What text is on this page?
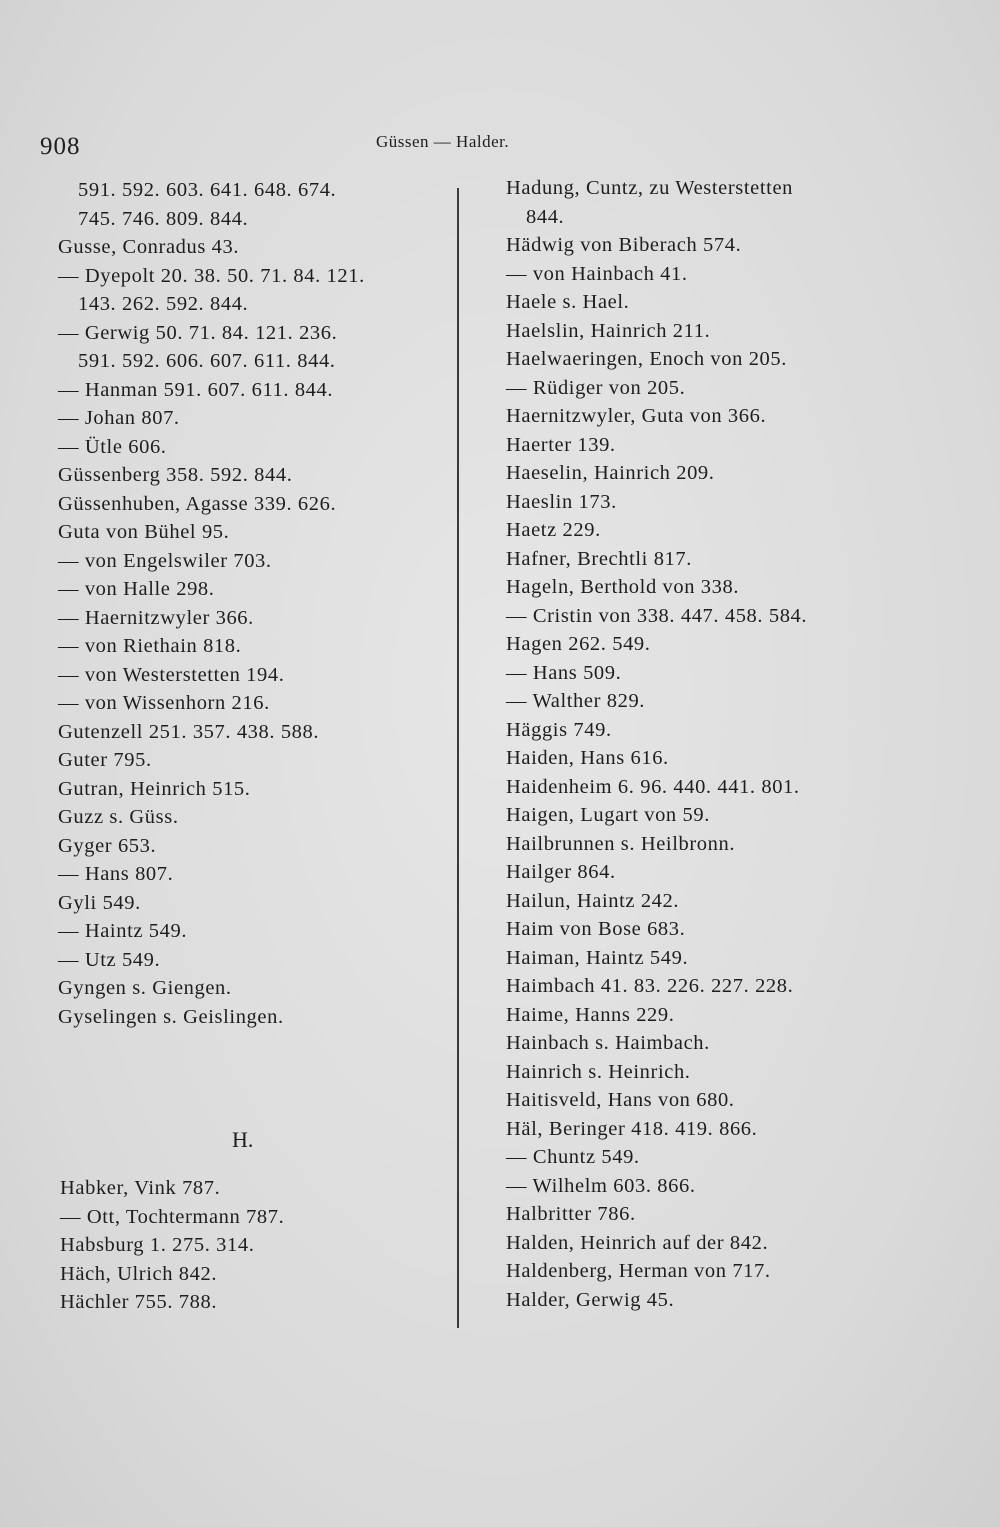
908	Güssen — Halder.
591. 592. 603. 641. 648. 674.
745. 746. 809. 844.
Gusse, Conradus 43.
— Dyepolt 20. 38. 50. 71. 84. 121.
143. 262. 592. 844.
— Gerwig 50. 71. 84. 121. 236.
591. 592. 606. 607. 611. 844.
— Hanman 591. 607. 611. 844.
— Johan 807.
— Ütle 606.
Güssenberg 358. 592. 844.
Güssenhuben, Agasse 339. 626.
Guta von Bühel 95.
— von Engelswiler 703.
— von Halle 298.
— Haernitzwyler 366.
— von Riethain 818.
— von Westerstetten 194.
— von Wissenhorn 216.
Gutenzell 251. 357. 438. 588.
Guter 795.
Gutran, Heinrich 515.
Guzz s. Güss.
Gyger 653.
— Hans 807.
Gyli 549.
— Haintz 549.
— Utz 549.
Gyngen s. Giengen.
Gyselingen s. Geislingen.
Hadung, Cuntz, zu Westerstetten
844.
Hädwig von Biberach 574.
— von Hainbach 41.
Haele s. Hael.
Haelslin, Hainrich 211.
Haelwaeringen, Enoch von 205.
— Rüdiger von 205.
Haernitzwyler, Guta von 366.
Haerter 139.
Haeselin, Hainrich 209.
Haeslin 173.
Haetz 229.
Hafner, Brechtli 817.
Hageln, Berthold von 338.
— Cristin von 338. 447. 458. 584.
Hagen 262. 549.
— Hans 509.
— Walther 829.
Häggis 749.
Haiden, Hans 616.
Haidenheim 6. 96. 440. 441. 801.
Haigen, Lugart von 59.
Hailbrunnen s. Heilbronn.
Hailger 864.
Hailun, Haintz 242.
Haim von Bose 683.
Haiman, Haintz 549.
Haimbach 41. 83. 226. 227. 228.
Haime, Hanns 229.
Hainbach s. Haimbach.
Hainrich s. Heinrich.
Haitisveld, Hans von 680.
Häl, Beringer 418. 419. 866.
— Chuntz 549.
— Wilhelm 603. 866.
Halbritter 786.
Halden, Heinrich auf der 842.
Haldenberg, Herman von 717.
Halder, Gerwig 45.
H.
Habker, Vink 787.
— Ott, Tochtermann 787.
Habsburg 1. 275. 314.
Häch, Ulrich 842.
Hächler 755. 788.
